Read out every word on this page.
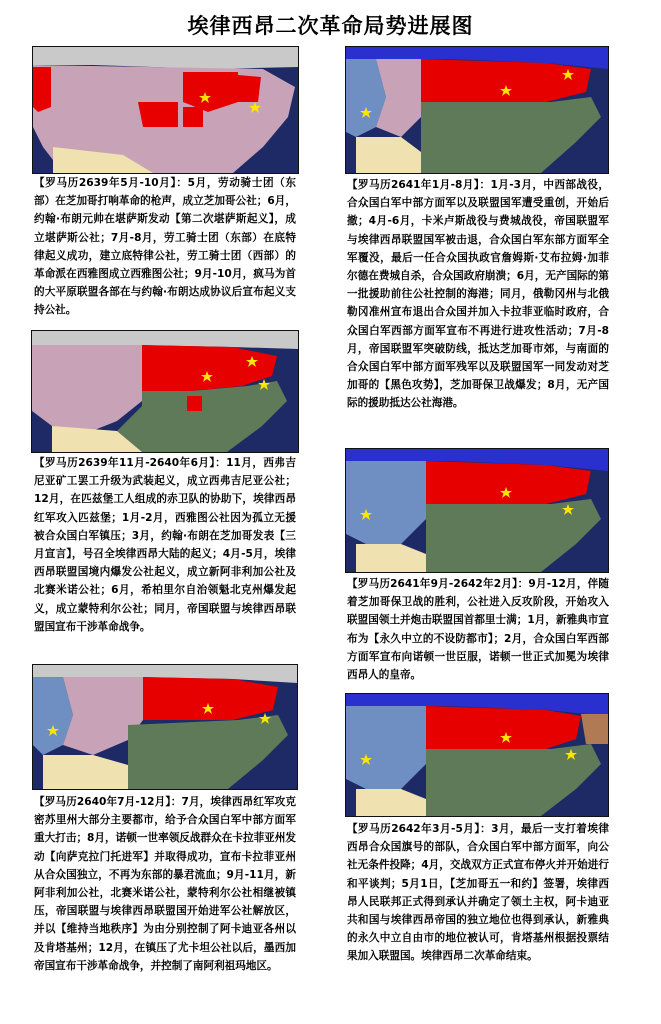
埃律西昂二次革命局势进展图

【罗马历2639年5月-10月】：5月，劳动骑士团（东部）在芝加哥打响革命的枪声，成立芝加哥公社；6月，约翰·布朗元帅在堪萨斯发动【第二次堪萨斯起义】，成立堪萨斯公社；7月-8月，劳工骑士团（东部）在底特律起义成功，建立底特律公社，劳工骑士团（西部）的革命派在西雅图成立西雅图公社；9月-10月，疯马为首的大平原联盟各部在与约翰·布朗达成协议后宣布起义支持公社。

【罗马历2639年11月-2640年6月】：11月，西弗吉尼亚矿工罢工升级为武装起义，成立西弗吉尼亚公社；12月，在匹兹堡工人组成的赤卫队的协助下，埃律西昂红军攻入匹兹堡；1月-2月，西雅图公社因为孤立无援被合众国白军镇压；3月，约翰·布朗在芝加哥发表【三月宣言】，号召全埃律西昂大陆的起义；4月-5月，埃律西昂联盟国境内爆发公社起义，成立新阿非利加公社及北赛米诺公社；6月，希柏里尔自治领魁北克州爆发起义，成立蒙特利尔公社；同月，帝国联盟与埃律西昂联盟国宣布干涉革命战争。

【罗马历2640年7月-12月】：7月，埃律西昂红军攻克密苏里州大部分主要都市，给予合众国白军中部方面军重大打击；8月，诺顿一世率领反战群众在卡拉菲亚州发动【向萨克拉门托进军】并取得成功，宣布卡拉菲亚州从合众国独立，不再为东部的暴君流血；9月-11月，新阿非利加公社，北赛米诺公社，蒙特利尔公社相继被镇压，帝国联盟与埃律西昂联盟国开始进军公社解放区，并以【维持当地秩序】为由分别控制了阿卡迪亚各州以及肯塔基州；12月，在镇压了尤卡坦公社以后，墨西加帝国宣布干涉革命战争，并控制了南阿利祖玛地区。

【罗马历2641年1月-8月】：1月-3月，中西部战役，合众国白军中部方面军以及联盟国军遭受重创，开始后撤；4月-6月，卡米卢斯战役与费城战役，帝国联盟军与埃律西昂联盟国军被击退，合众国白军东部方面军全军覆没，最后一任合众国执政官詹姆斯·艾布拉姆·加菲尔德在费城自杀，合众国政府崩溃；6月，无产国际的第一批援助前往公社控制的海港；同月，俄勒冈州与北俄勒冈准州宣布退出合众国并加入卡拉菲亚临时政府，合众国白军西部方面军宣布不再进行进攻性活动；7月-8月，帝国联盟军突破防线，抵达芝加哥市郊，与南面的合众国白军中部方面军残军以及联盟国军一同发动对芝加哥的【黑色攻势】，芝加哥保卫战爆发；8月，无产国际的援助抵达公社海港。

【罗马历2641年9月-2642年2月】：9月-12月，伴随着芝加哥保卫战的胜利，公社进入反攻阶段，开始攻入联盟国领土并炮击联盟国首都里士满；1月，新雅典市宣布为【永久中立的不设防都市】；2月，合众国白军西部方面军宣布向诺顿一世臣服，诺顿一世正式加冕为埃律西昂人的皇帝。

【罗马历2642年3月-5月】：3月，最后一支打着埃律西昂合众国旗号的部队，合众国白军中部方面军，向公社无条件投降；4月，交战双方正式宣布停火并开始进行和平谈判；5月1日，【芝加哥五一和约】签署，埃律西昂人民联邦正式得到承认并确定了领土主权，阿卡迪亚共和国与埃律西昂帝国的独立地位也得到承认，新雅典的永久中立自由市的地位被认可，肯塔基州根据投票结果加入联盟国。埃律西昂二次革命结束。
